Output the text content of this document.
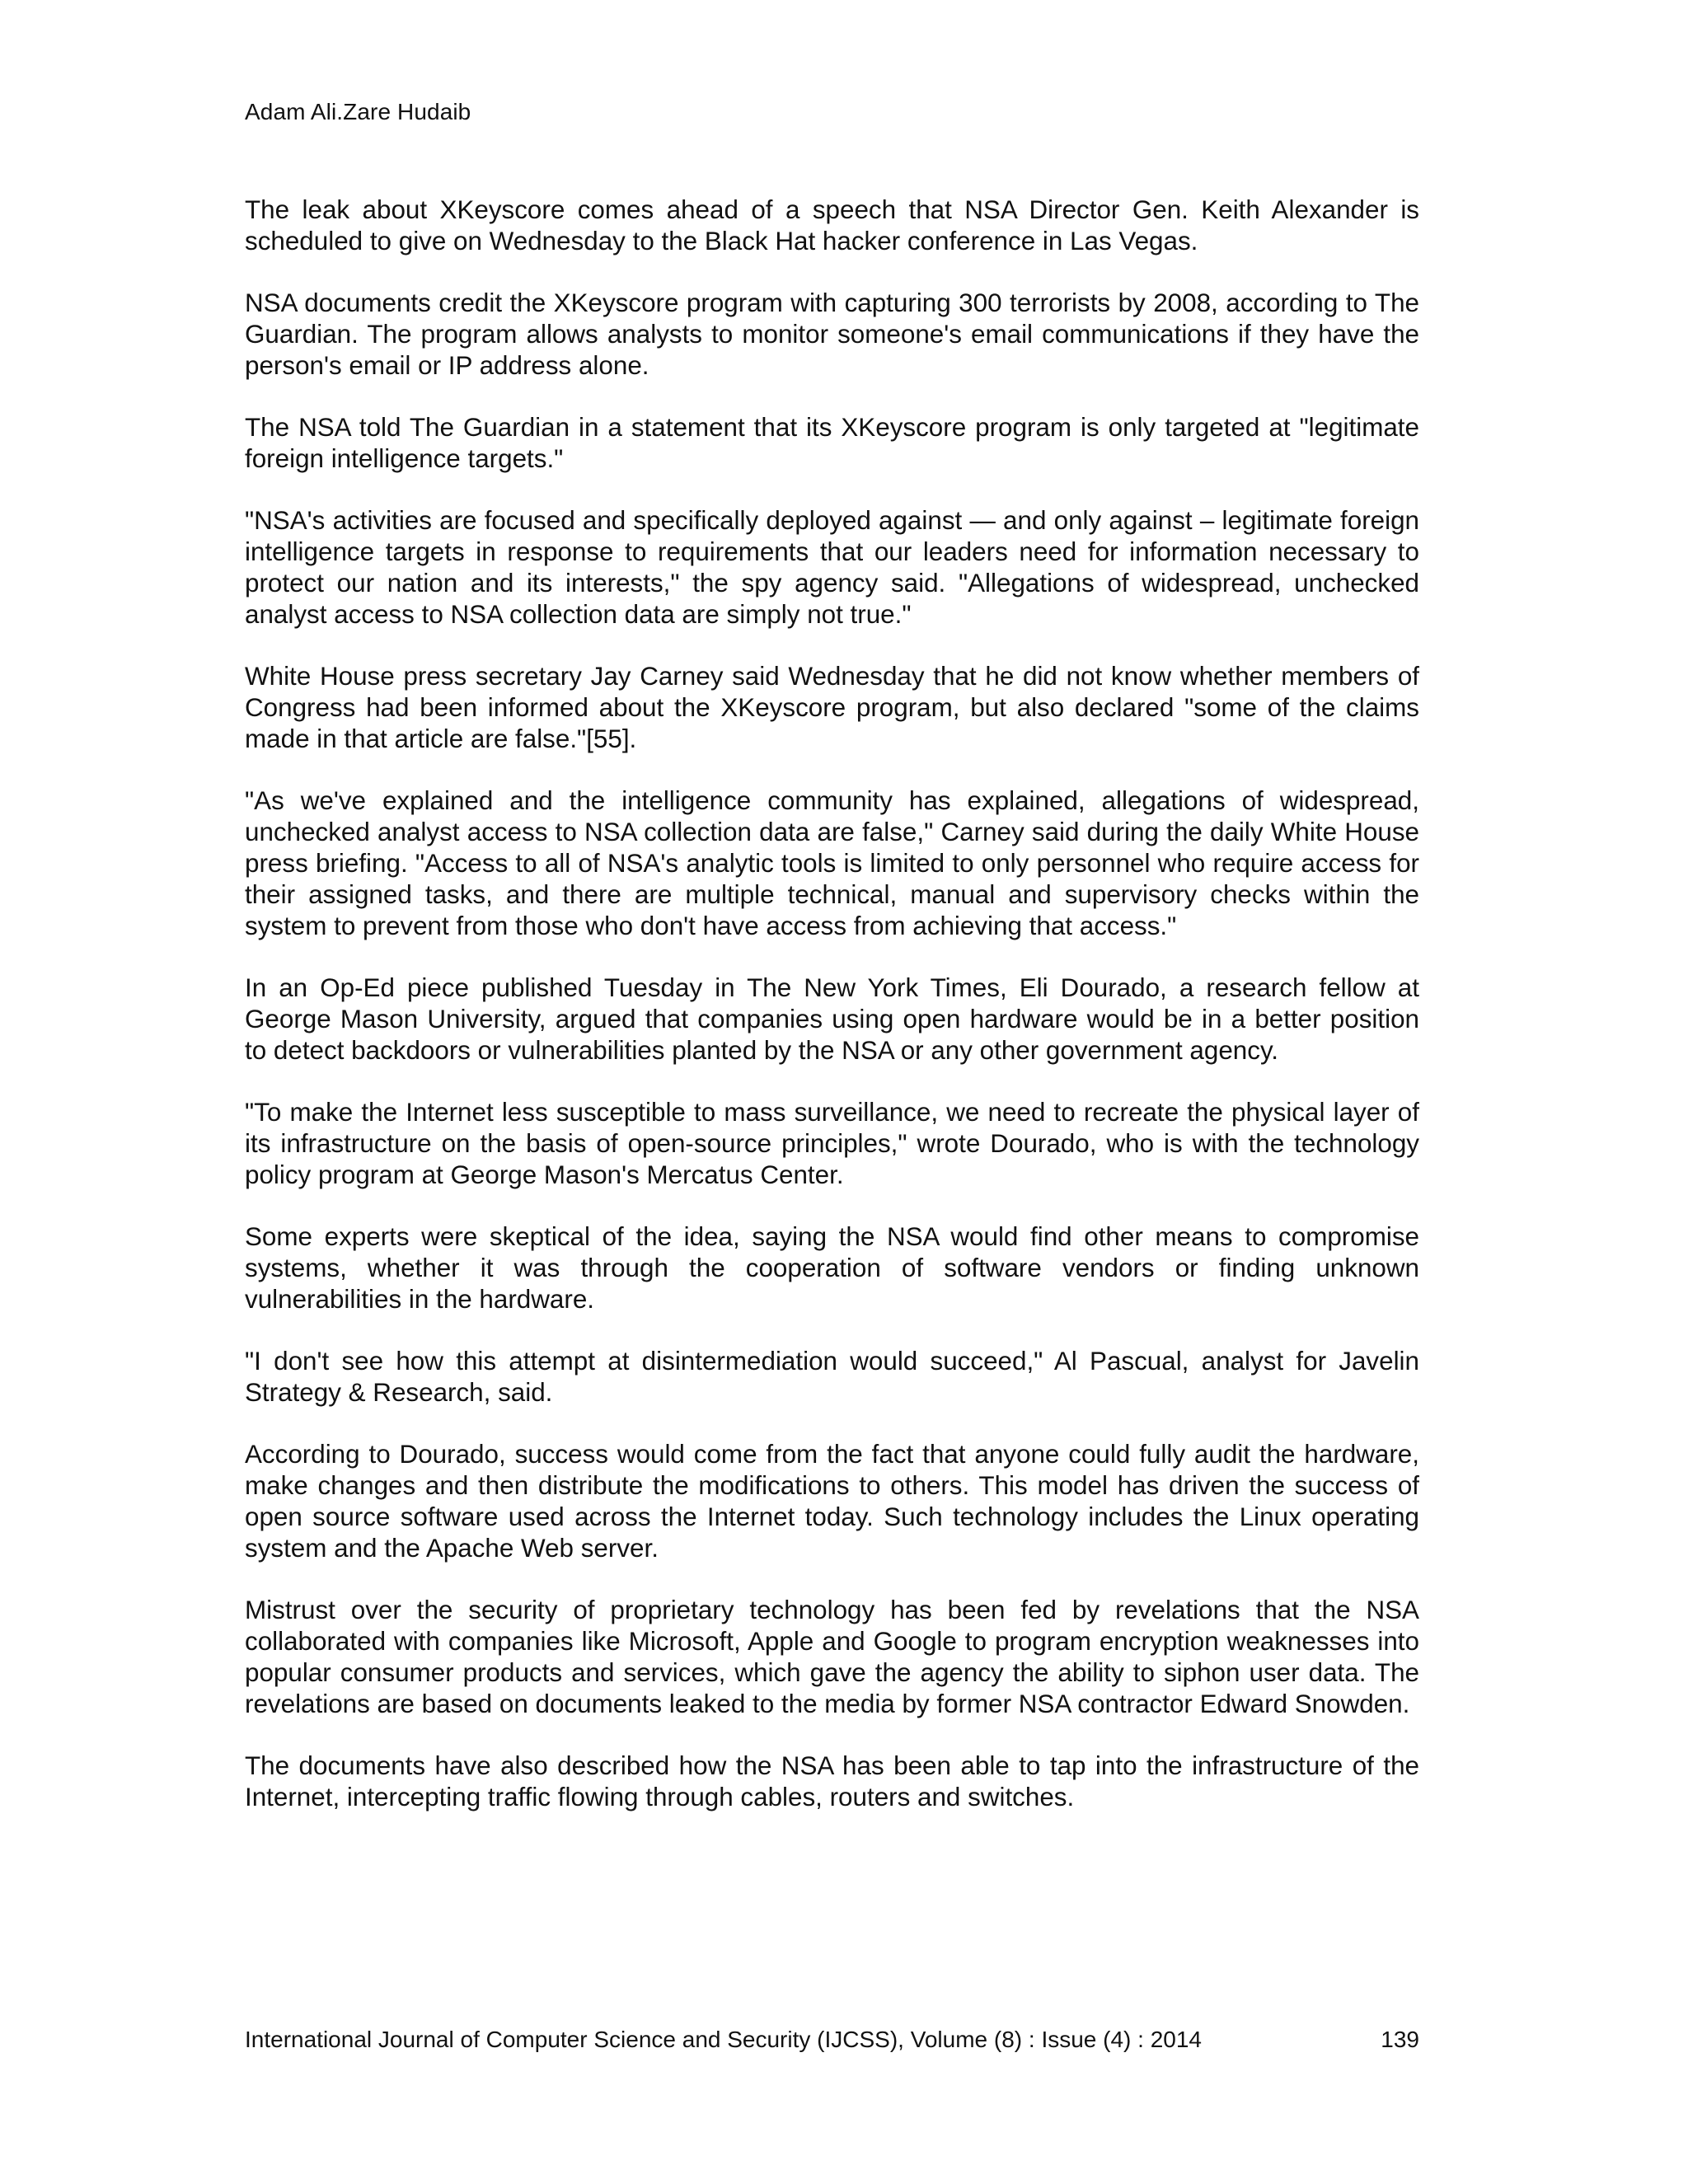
Adam Ali.Zare Hudaib

The leak about XKeyscore comes ahead of a speech that NSA Director Gen. Keith Alexander is scheduled to give on Wednesday to the Black Hat hacker conference in Las Vegas.

NSA documents credit the XKeyscore program with capturing 300 terrorists by 2008, according to The Guardian. The program allows analysts to monitor someone's email communications if they have the person's email or IP address alone.

The NSA told The Guardian in a statement that its XKeyscore program is only targeted at "legitimate foreign intelligence targets."

"NSA's activities are focused and specifically deployed against — and only against – legitimate foreign intelligence targets in response to requirements that our leaders need for information necessary to protect our nation and its interests," the spy agency said. "Allegations of widespread, unchecked analyst access to NSA collection data are simply not true."

White House press secretary Jay Carney said Wednesday that he did not know whether members of Congress had been informed about the XKeyscore program, but also declared "some of the claims made in that article are false."[55].

"As we've explained and the intelligence community has explained, allegations of widespread, unchecked analyst access to NSA collection data are false," Carney said during the daily White House press briefing. "Access to all of NSA's analytic tools is limited to only personnel who require access for their assigned tasks, and there are multiple technical, manual and supervisory checks within the system to prevent from those who don't have access from achieving that access."

In an Op-Ed piece published Tuesday in The New York Times, Eli Dourado, a research fellow at George Mason University, argued that companies using open hardware would be in a better position to detect backdoors or vulnerabilities planted by the NSA or any other government agency.

"To make the Internet less susceptible to mass surveillance, we need to recreate the physical layer of its infrastructure on the basis of open-source principles," wrote Dourado, who is with the technology policy program at George Mason's Mercatus Center.

Some experts were skeptical of the idea, saying the NSA would find other means to compromise systems, whether it was through the cooperation of software vendors or finding unknown vulnerabilities in the hardware.

"I don't see how this attempt at disintermediation would succeed," Al Pascual, analyst for Javelin Strategy & Research, said.

According to Dourado, success would come from the fact that anyone could fully audit the hardware, make changes and then distribute the modifications to others. This model has driven the success of open source software used across the Internet today. Such technology includes the Linux operating system and the Apache Web server.

Mistrust over the security of proprietary technology has been fed by revelations that the NSA collaborated with companies like Microsoft, Apple and Google to program encryption weaknesses into popular consumer products and services, which gave the agency the ability to siphon user data. The revelations are based on documents leaked to the media by former NSA contractor Edward Snowden.

The documents have also described how the NSA has been able to tap into the infrastructure of the Internet, intercepting traffic flowing through cables, routers and switches.

International Journal of Computer Science and Security (IJCSS), Volume (8) : Issue (4) : 2014	139
